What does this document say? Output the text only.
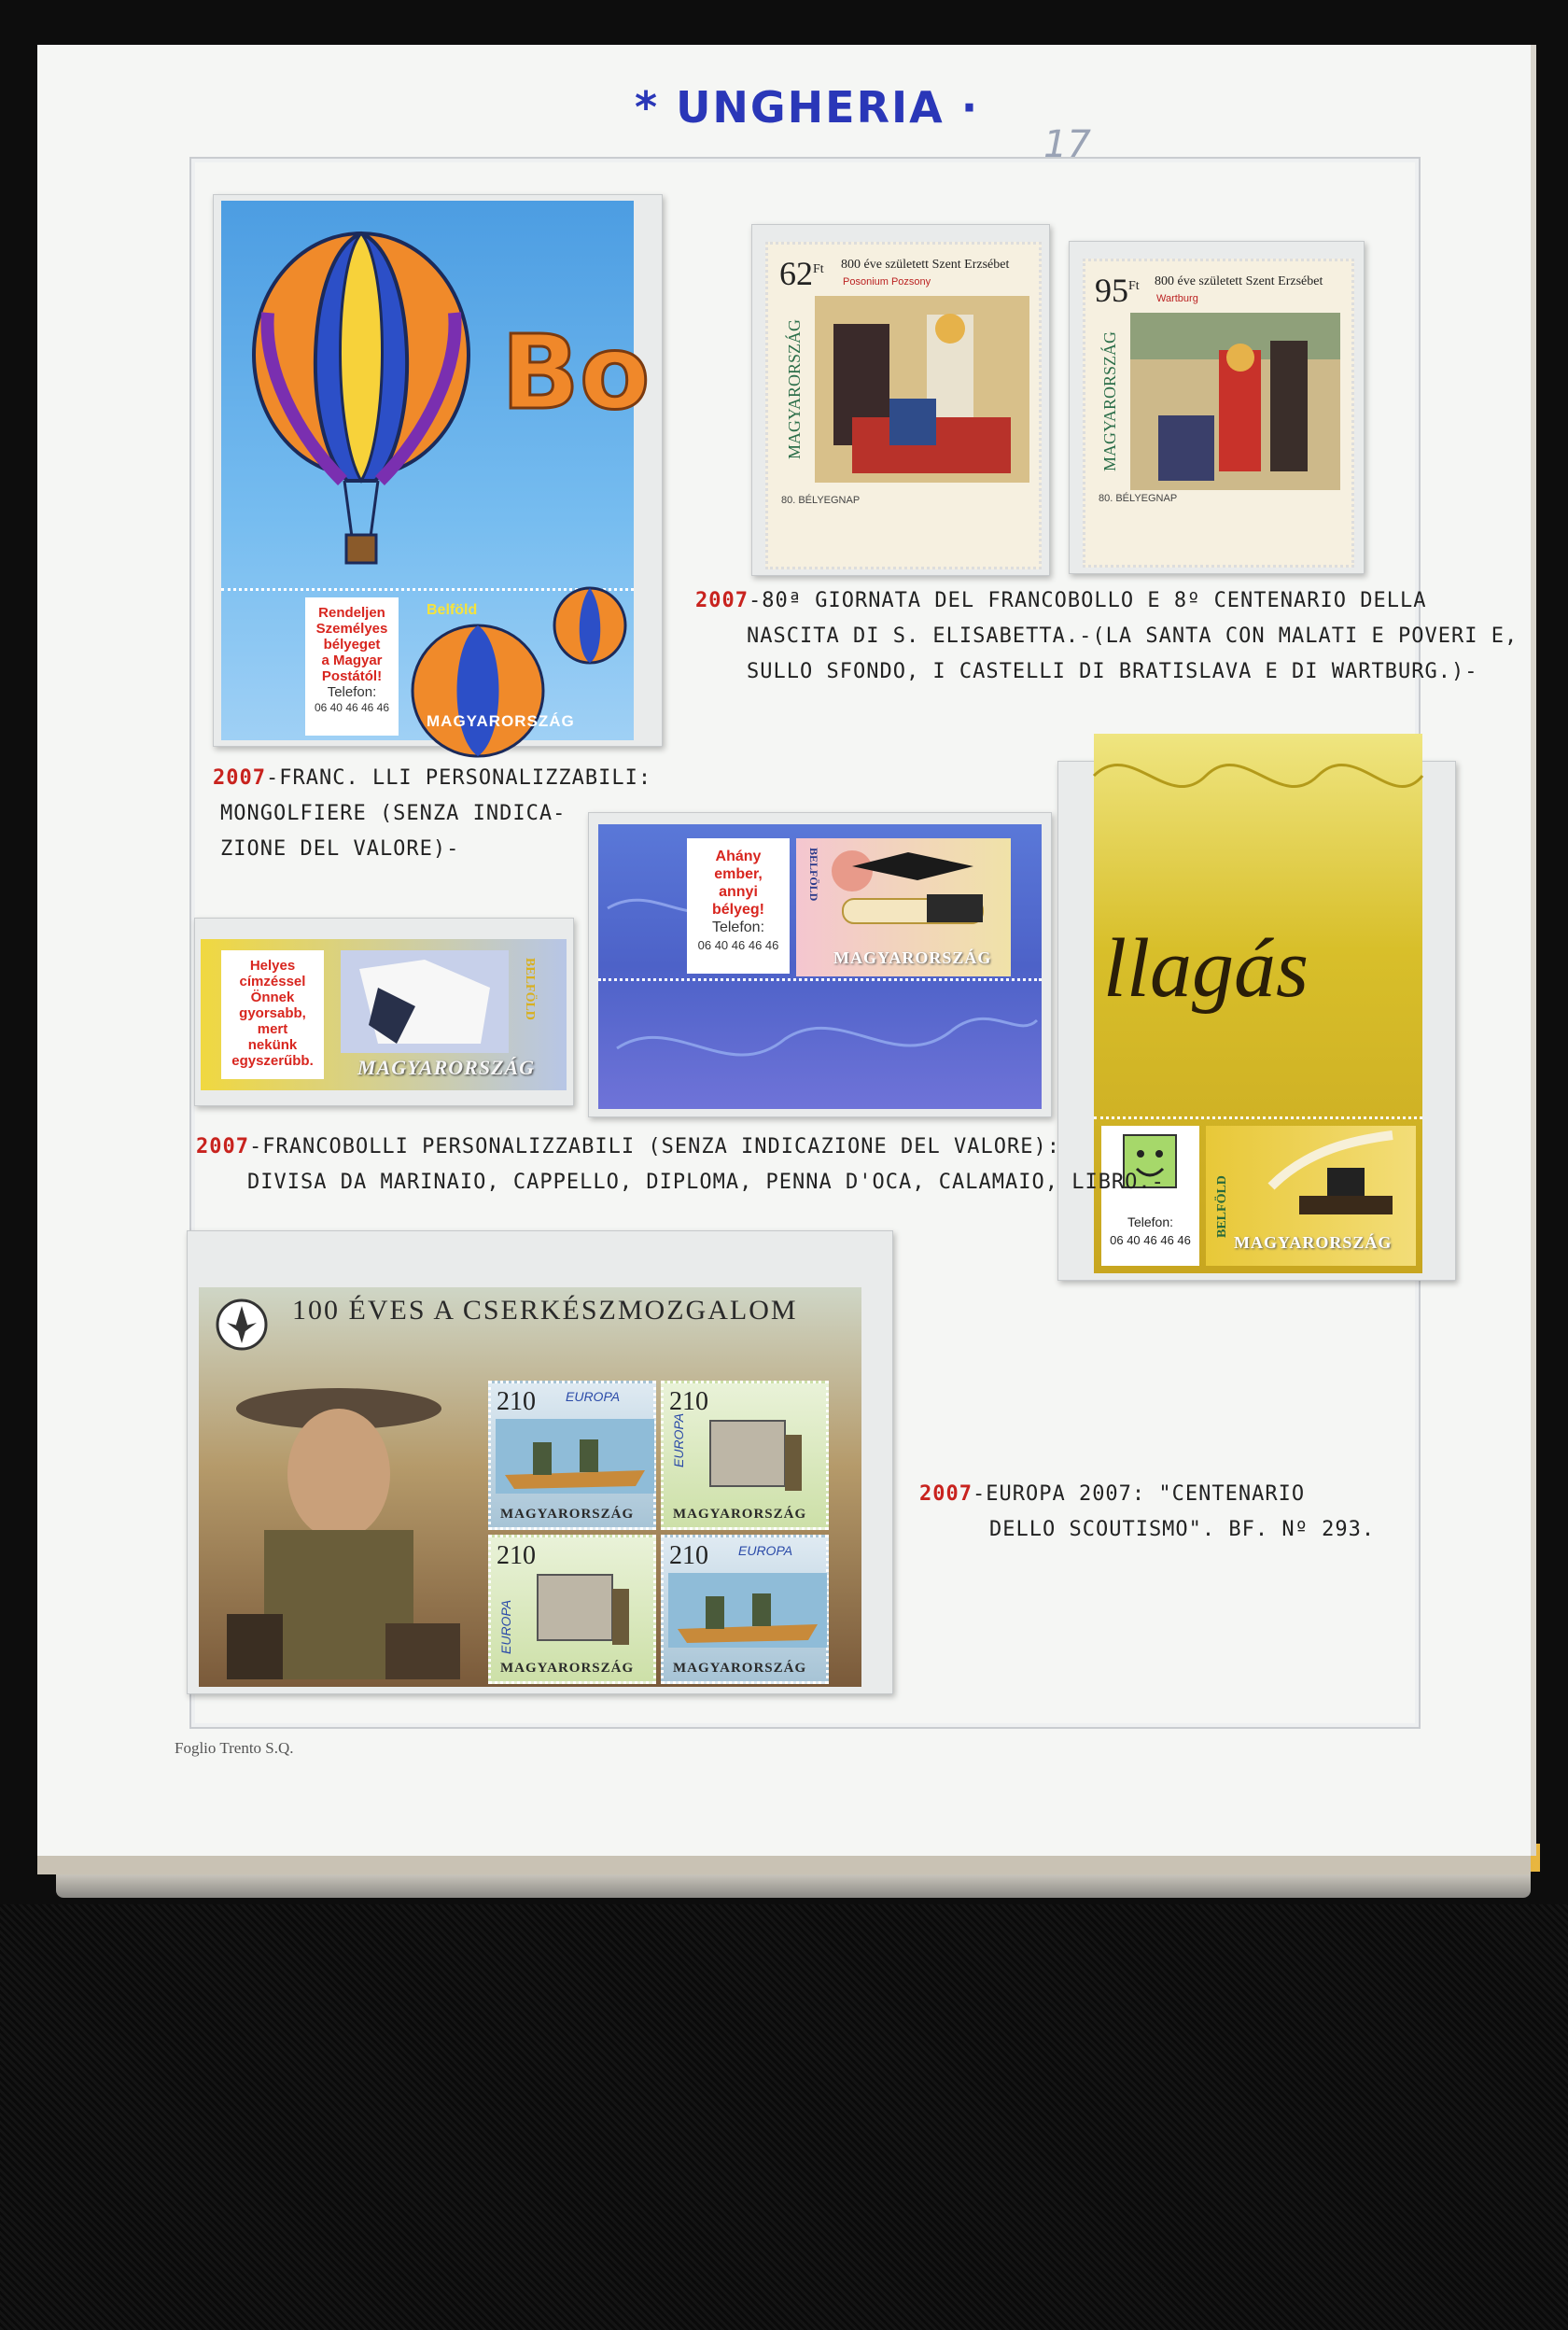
* UNGHERIA ·
17
Foglio Trento S.Q.
Bo
Rendeljen
Személyes
bélyeget
a Magyar
Postától!
Telefon:
06 40 46 46 46
Belföld
MAGYARORSZÁG
$62^{Ft}$ 800 éve született Szent Erzsébet
Posonium Pozsony
MAGYARORSZÁG
80. BÉLYEGNAP
$95^{Ft}$ 800 éve született Szent Erzsébet
Wartburg
MAGYARORSZÁG
80. BÉLYEGNAP
2007-80ª GIORNATA DEL FRANCOBOLLO E 8º CENTENARIO DELLA
NASCITA DI S. ELISABETTA.-(LA SANTA CON MALATI E POVERI E,
SULLO SFONDO, I CASTELLI DI BRATISLAVA E DI WARTBURG.)-
2007-FRANC. LLI PERSONALIZZABILI:
MONGOLFIERE (SENZA INDICA-
ZIONE DEL VALORE)-
Helyes
címzéssel
Önnek
gyorsabb,
mert
nekünk
egyszerűbb.
BELFÖLD
MAGYARORSZÁG
Ahány
ember,
annyi
bélyeg!
Telefon:
06 40 46 46 46
BELFÖLD
MAGYARORSZÁG llagás
Telefon:
06 40 46 46 46
BELFÖLD
MAGYARORSZÁG
2007-FRANCOBOLLI PERSONALIZZABILI (SENZA INDICAZIONE DEL VALORE):
DIVISA DA MARINAIO, CAPPELLO, DIPLOMA, PENNA D'OCA, CALAMAIO, LIBRO.-
100 ÉVES A CSERKÉSZMOZGALOM
210 EUROPA
MAGYARORSZÁG
210
EUROPA
MAGYARORSZÁG
210
EUROPA
MAGYARORSZÁG
210 EUROPA
MAGYARORSZÁG
2007-EUROPA 2007: "CENTENARIO
DELLO SCOUTISMO". BF. Nº 293.
